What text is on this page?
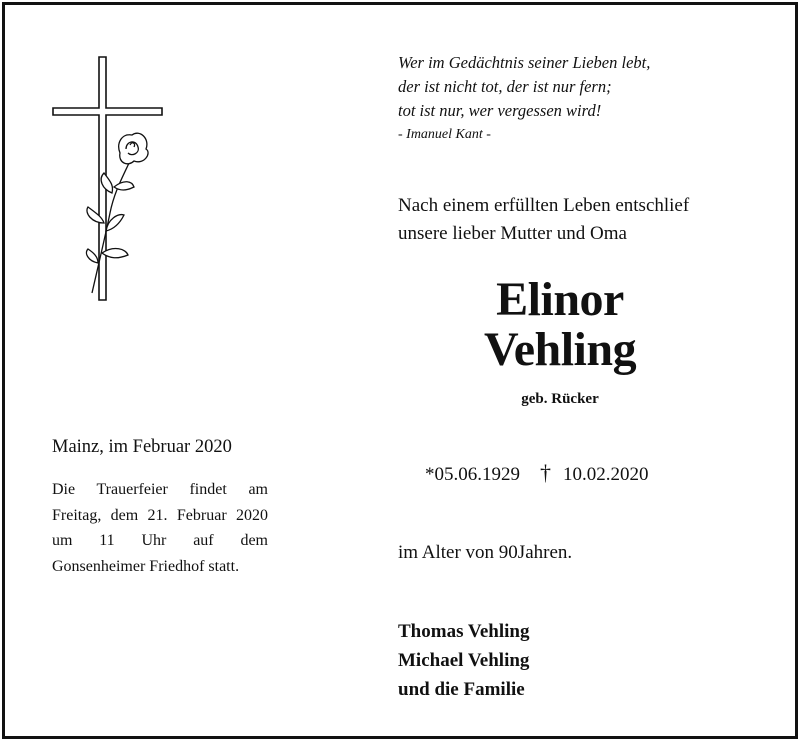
Wer im Gedächtnis seiner Lieben lebt,
der ist nicht tot, der ist nur fern;
tot ist nur, wer vergessen wird!
- Imanuel Kant -
Nach einem erfüllten Leben entschlief
unsere lieber Mutter und Oma
Elinor
Vehling
geb. Rücker
*05.06.1929 † 10.02.2020
im Alter von 90Jahren.
Thomas Vehling
Michael Vehling
und die Familie
Mainz, im Februar 2020
Die Trauerfeier findet am Freitag, dem 21. Februar 2020 um 11 Uhr auf dem Gonsenheimer Friedhof statt.
